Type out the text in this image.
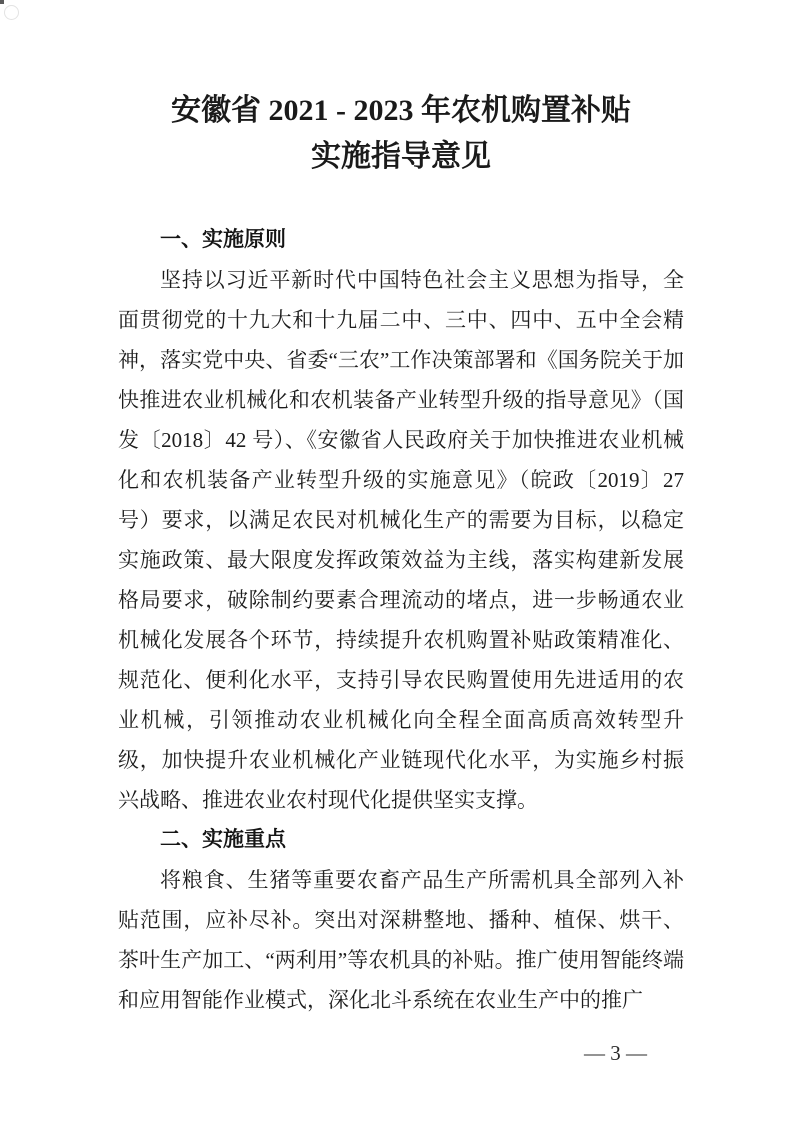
安徽省 2021 - 2023 年农机购置补贴
实施指导意见
一、实施原则

坚持以习近平新时代中国特色社会主义思想为指导，全面贯彻党的十九大和十九届二中、三中、四中、五中全会精神，落实党中央、省委“三农”工作决策部署和《国务院关于加快推进农业机械化和农机装备产业转型升级的指导意见》（国发〔2018〕42 号）、《安徽省人民政府关于加快推进农业机械化和农机装备产业转型升级的实施意见》（皖政〔2019〕27 号）要求，以满足农民对机械化生产的需要为目标，以稳定实施政策、最大限度发挥政策效益为主线，落实构建新发展格局要求，破除制约要素合理流动的堵点，进一步畅通农业机械化发展各个环节，持续提升农机购置补贴政策精准化、规范化、便利化水平，支持引导农民购置使用先进适用的农业机械，引领推动农业机械化向全程全面高质高效转型升级，加快提升农业机械化产业链现代化水平，为实施乡村振兴战略、推进农业农村现代化提供坚实支撑。

二、实施重点

将粮食、生猪等重要农畜产品生产所需机具全部列入补贴范围，应补尽补。突出对深耕整地、播种、植保、烘干、茶叶生产加工、“两利用”等农机具的补贴。推广使用智能终端和应用智能作业模式，深化北斗系统在农业生产中的推广

— 3 —
